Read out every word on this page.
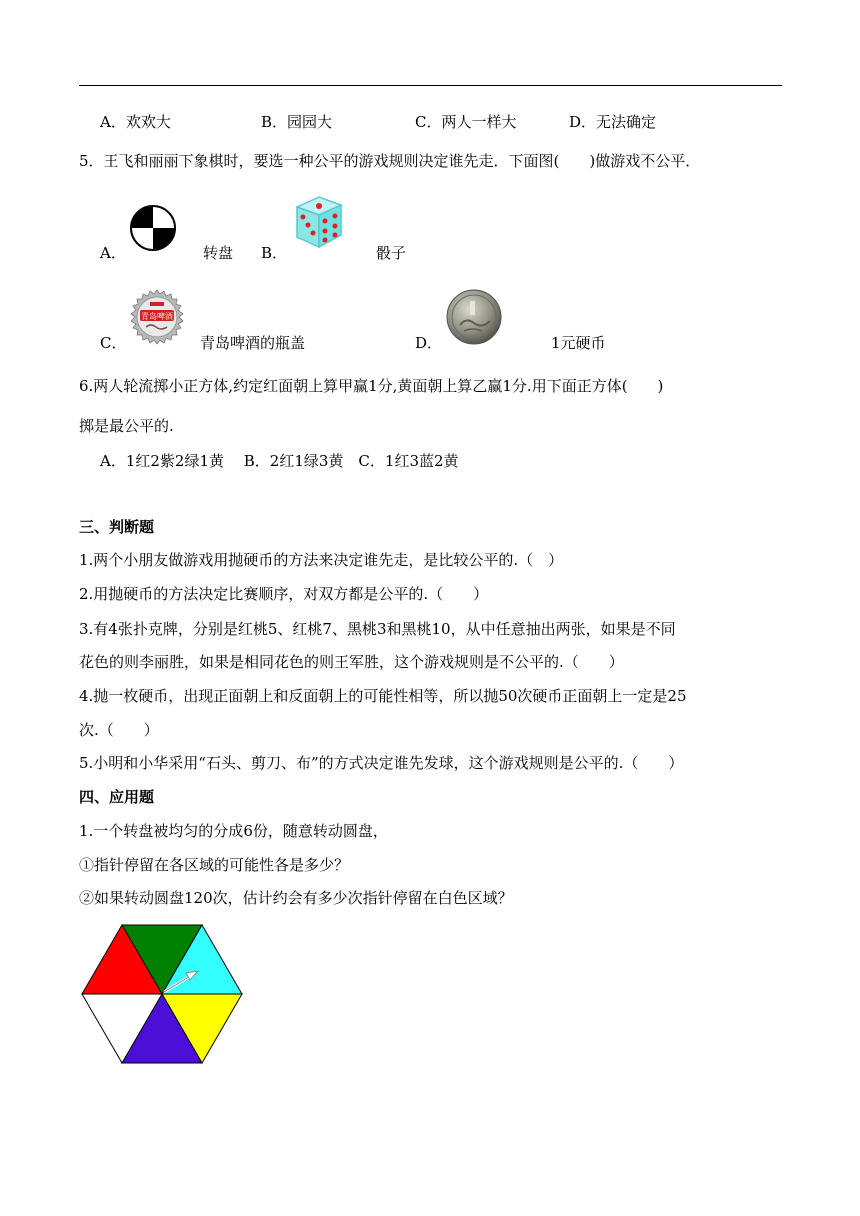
A．欢欢大	B．园园大	C．两人一样大	D．无法确定
5．王飞和丽丽下象棋时，要选一种公平的游戏规则决定谁先走．下面图(　　)做游戏不公平．
A．	转盘 B．	骰子
C．
青岛啤酒
青岛啤酒的瓶盖	D．	1元硬币
6.两人轮流掷小正方体,约定红面朝上算甲赢1分,黄面朝上算乙赢1分.用下面正方体(　　)
掷是最公平的.
A．1红2紫2绿1黄　 B．2红1绿3黄　C．1红3蓝2黄
三、判断题
1.两个小朋友做游戏用抛硬币的方法来决定谁先走，是比较公平的.（　）
2.用抛硬币的方法决定比赛顺序，对双方都是公平的.（　　）
3.有4张扑克牌，分别是红桃5、红桃7、黑桃3和黑桃10，从中任意抽出两张，如果是不同
花色的则李丽胜，如果是相同花色的则王军胜，这个游戏规则是不公平的.（　　）
4.抛一枚硬币，出现正面朝上和反面朝上的可能性相等，所以抛50次硬币正面朝上一定是25
次.（　　）
5.小明和小华采用“石头、剪刀、布”的方式决定谁先发球，这个游戏规则是公平的.（　　）
四、应用题
1.一个转盘被均匀的分成6份，随意转动圆盘，
①指针停留在各区域的可能性各是多少？
②如果转动圆盘120次，估计约会有多少次指针停留在白色区域？
